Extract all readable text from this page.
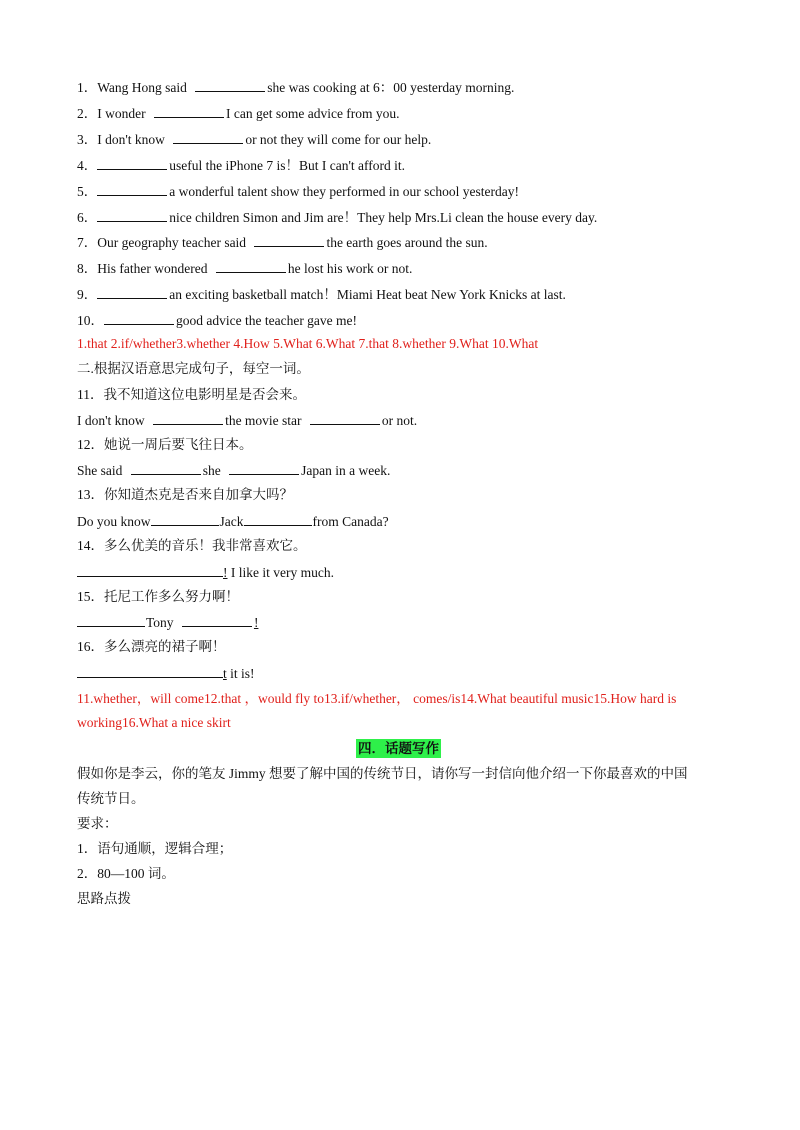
1．Wang Hong said	she was cooking at 6：00 yesterday morning.
2．I wonder	I can get some advice from you.
3．I don't know	or not they will come for our help.
4．	useful the iPhone 7 is！But I can't afford it.
5．	a wonderful talent show they performed in our school yesterday!
6．	nice children Simon and Jim are！They help Mrs.Li clean the house every day.
7．Our geography teacher said	the earth goes around the sun.
8．His father wondered	he lost his work or not.
9．	an exciting basketball match！Miami Heat beat New York Knicks at last.
10．	good advice the teacher gave me!
1.that 2.if/whether3.whether 4.How 5.What 6.What 7.that 8.whether 9.What 10.What
二.根据汉语意思完成句子，每空一词。
11．我不知道这位电影明星是否会来。
I don't know	the movie star	or not.
12．她说一周后要飞往日本。
She said	she	Japan in a week.
13．你知道杰克是否来自加拿大吗？
Do you know	Jack	from Canada?
14．多么优美的音乐！我非常喜欢它。
! I like it very much.
15．托尼工作多么努力啊！
Tony	!
16．多么漂亮的裙子啊！
t it is!
11.whether，will come12.that ，would fly to13.if/whether， comes/is14.What beautiful music15.How hard is
working16.What a nice skirt
四．话题写作
假如你是李云，你的笔友 Jimmy 想要了解中国的传统节日，请你写一封信向他介绍一下你最喜欢的中国
传统节日。
要求：
1．语句通顺，逻辑合理；
2．80—100 词。
思路点拨
